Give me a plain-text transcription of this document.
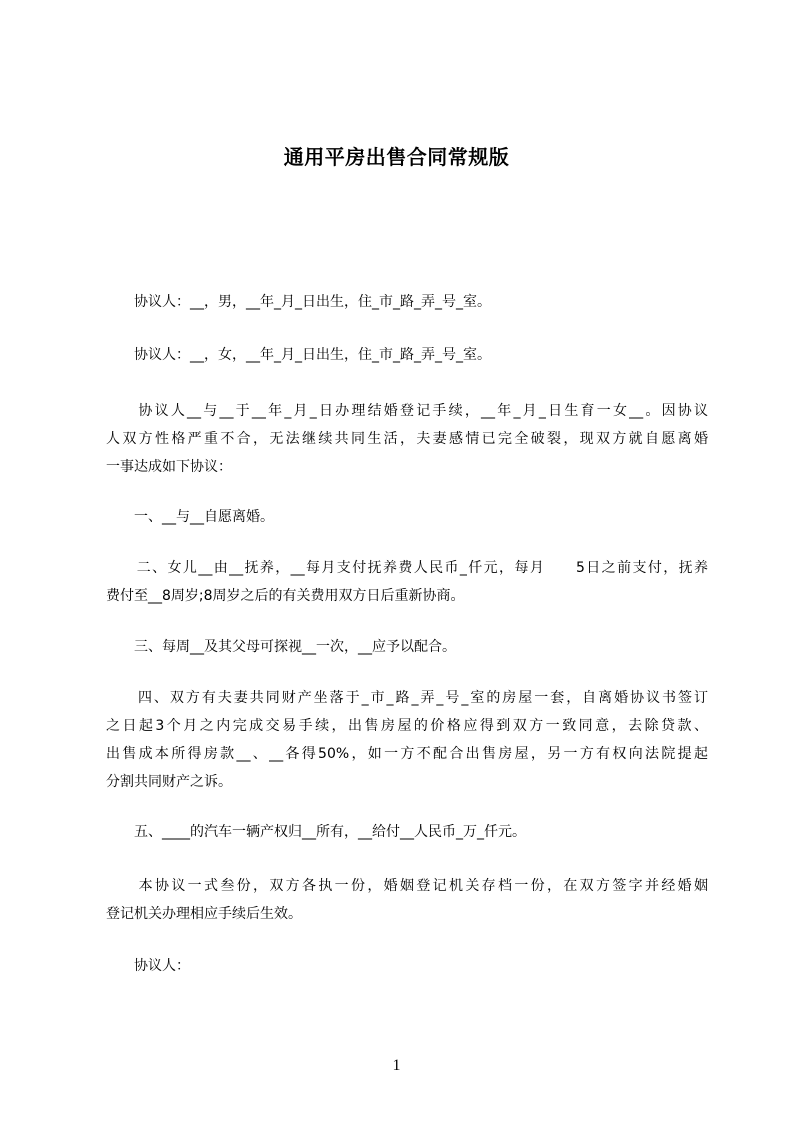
通用平房出售合同常规版

　　协议人：__，男，__年_月_日出生，住_市_路_弄_号_室。

　　协议人：__，女，__年_月_日出生，住_市_路_弄_号_室。

　　协议人__与__于__年_月_日办理结婚登记手续，__年_月_日生育一女__。因协议
人双方性格严重不合，无法继续共同生活，夫妻感情已完全破裂，现双方就自愿离婚
一事达成如下协议：

　　一、__与__自愿离婚。

　　二、女儿__由__抚养，__每月支付抚养费人民币_仟元，每月　　5日之前支付，抚养
费付至__8周岁;8周岁之后的有关费用双方日后重新协商。

　　三、每周__及其父母可探视__一次，__应予以配合。

　　四、双方有夫妻共同财产坐落于_市_路_弄_号_室的房屋一套，自离婚协议书签订
之日起3个月之内完成交易手续，出售房屋的价格应得到双方一致同意，去除贷款、
出售成本所得房款__、__各得50%，如一方不配合出售房屋，另一方有权向法院提起
分割共同财产之诉。

　　五、____的汽车一辆产权归__所有，__给付__人民币_万_仟元。

　　本协议一式叁份，双方各执一份，婚姻登记机关存档一份，在双方签字并经婚姻
登记机关办理相应手续后生效。

　　协议人：

1
